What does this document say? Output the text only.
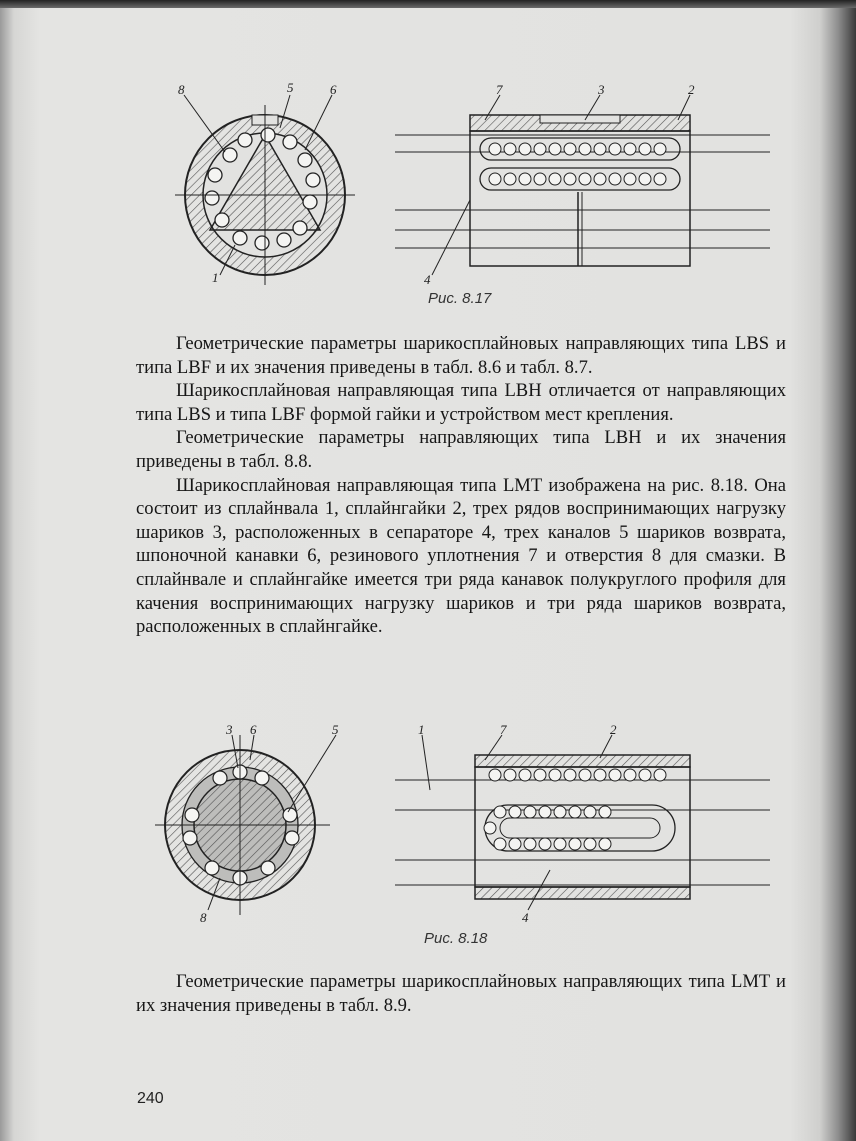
8	5	6
1
7	3	2
4
Рис. 8.17

Геометрические параметры шарикосплайновых направляющих типа LBS и типа LBF и их значения приведены в табл. 8.6 и табл. 8.7.

Шарикосплайновая направляющая типа LBH отличается от направляющих типа LBS и типа LBF формой гайки и устройством мест крепления.

Геометрические параметры направляющих типа LBH и их значения приведены в табл. 8.8.

Шарикосплайновая направляющая типа LMT изображена на рис. 8.18. Она состоит из сплайнвала 1, сплайнгайки 2, трех рядов воспринимающих нагрузку шариков 3, расположенных в сепараторе 4, трех каналов 5 шариков возврата, шпоночной канавки 6, резинового уплотнения 7 и отверстия 8 для смазки. В сплайнвале и сплайнгайке имеется три ряда канавок полукруглого профиля для качения воспринимающих нагрузку шариков и три ряда шариков возврата, расположенных в сплайнгайке.

3 6	5
8
1	7	2
4
Рис. 8.18

Геометрические параметры шарикосплайновых направляющих типа LMT и их значения приведены в табл. 8.9.

240
